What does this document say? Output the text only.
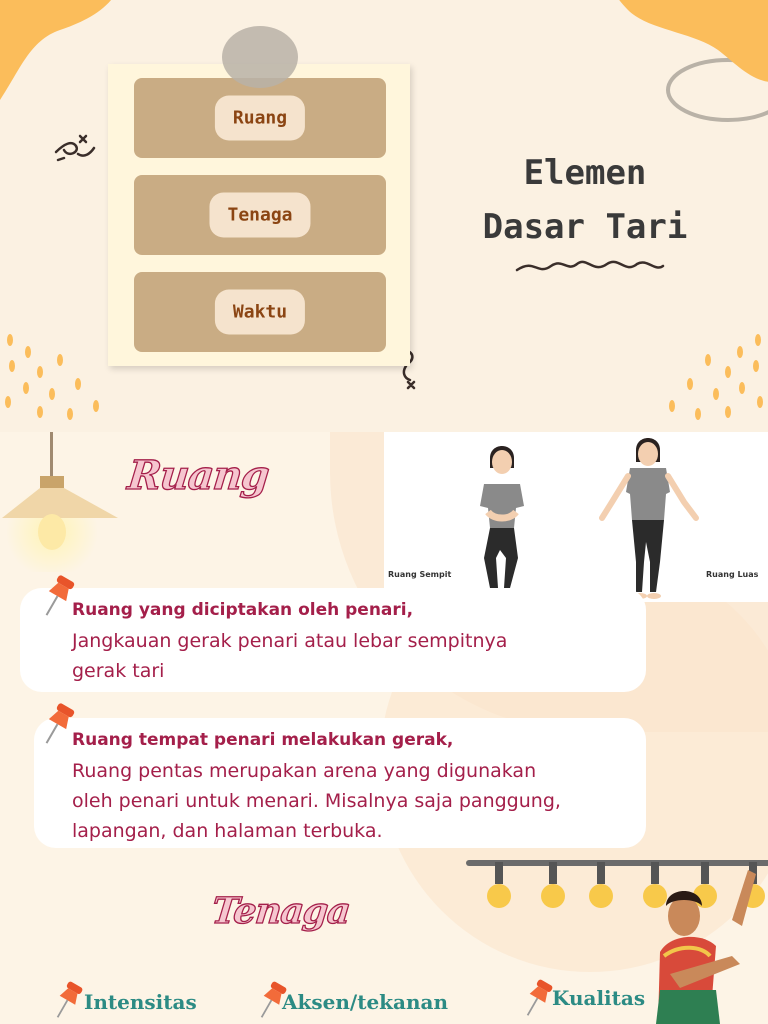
Ruang
Tenaga
Waktu
Elemen
Dasar Tari
Ruang
Ruang Sempit	Ruang Luas
Ruang yang diciptakan oleh penari,
Jangkauan gerak penari atau lebar sempitnya
gerak tari
Ruang tempat penari melakukan gerak,
Ruang pentas merupakan arena yang digunakan
oleh penari untuk menari. Misalnya saja panggung,
lapangan, dan halaman terbuka.
Tenaga
Intensitas	Aksen/tekanan	Kualitas
